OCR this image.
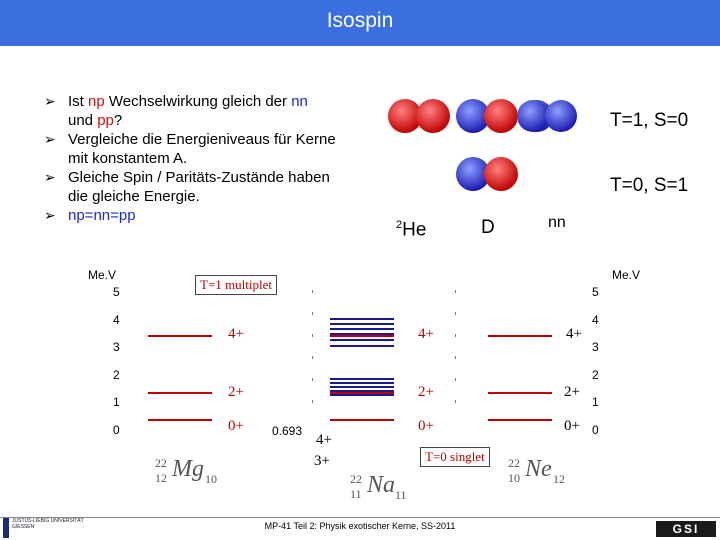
Isospin
➢ Ist np Wechselwirkung gleich der nn
und pp?
➢ Vergleiche die Energieniveaus für Kerne
mit konstantem A.
➢ Gleiche Spin / Paritäts-Zustände haben
die gleiche Energie.
➢ np=nn=pp
T=1, S=0
T=0, S=1
$^2$He	D	nn
Me.V	Me.V
T=1 multiplet
T=0 singlet
5
4
3
2
1
0
5
4
3
2
1
0
4+
2+
0+ 0.693
4+
2+
0+
4+
3+
4+
2+
0+
22
12 Mg 10	22
11 Na 11
22
10 Ne 12
JUSTUS-LIEBIG UNIVERSITÄT GIESSEN	MP-41 Teil 2: Physik exotischer Kerne, SS-2011	GSI
